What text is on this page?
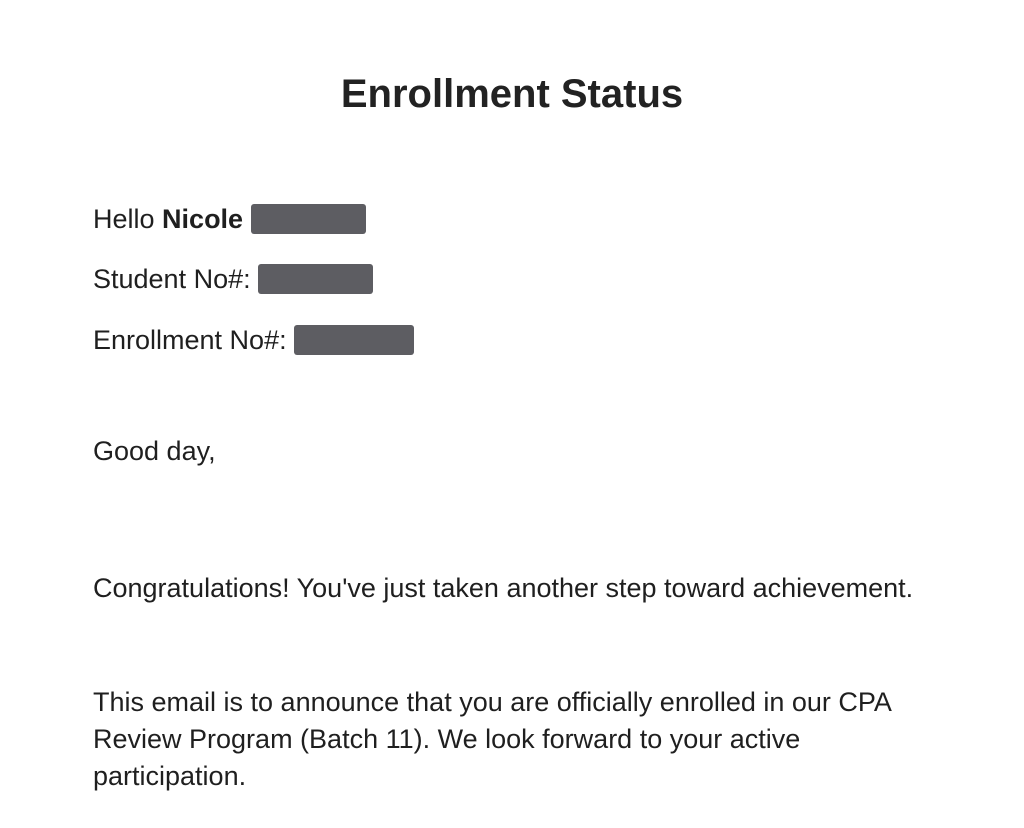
Enrollment Status
Hello Nicole
Student No#:
Enrollment No#:
Good day,
Congratulations! You've just taken another step toward achievement.
This email is to announce that you are officially enrolled in our CPA Review Program (Batch 11). We look forward to your active participation.
